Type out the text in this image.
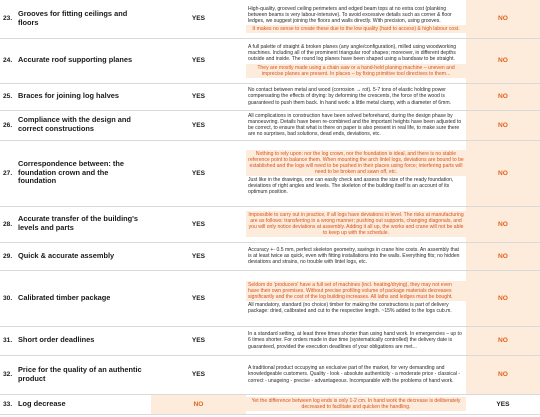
23.	Grooves for fitting ceilings and floors	YES	High-quality, grooved ceiling perimeters and edged beam tops at no extra cost (planking between beams is very labour-intensive). To avoid excessive details such as corner & floor ledges, we suggest joining the floors and walls directly. With precision, using grooves.
It makes no sense to create these due to the low quality (hard to access) & high labour cost.	NO
24.	Accurate roof supporting planes	YES	A full palette of straight & broken planes (any angle/configuration), milled using woodworking machines. Including all of the prominent triangular roof shapes; moreover, in different depths outside and inside. The round log planes have been shaped using a bandsaw to be straight.
They are mostly made using a chain saw or a hand-held planing machine – uneven and imprecise planes are present. In places – by fixing primitive tool directives to them...	NO
25.	Braces for joining log halves	YES	No contact between metal and wood (corrosion → rot). 5-7 tons of elastic holding power compensating the effects of drying: by deforming the crescents, the force of the wood is guaranteed to push them back. In hand work: a little metal clamp, with a diameter of 6mm.	NO
26.	Compliance with the design and correct constructions	YES	All complications in construction have been solved beforehand, during the design phase by manoeuvring. Details have been re-combined and the important heights have been adjusted to be correct, to ensure that what is there on paper is also present in real life, to make sure there are no surprises, bad solutions, dead ends, deviations, etc.	NO
27.	Correspondence between: the foundation crown and the foundation	YES	Nothing to rely upon: nor the log crown, nor the foundation is ideal, and there is no stable reference point to balance them. When mounting the arch lintel logs, deviations are bound to be established and the logs will need to be pushed in their places using force; interfering parts will need to be broken and sawn off, etc.
Just like in the drawings, one can easily check and assess the size of the ready foundation, deviations of right angles and levels. The skeleton of the building itself is an account of its optimum position.	NO
28.	Accurate transfer of the building's levels and parts	YES	Impossible to carry out in practice, if all logs have deviations in level. The risks at manufacturing are as follows: transferring in a wrong manner; pushing out supports, changing diagonals, and you will only notice deviations at assembly. Adding it all up, the works and crane will not be able to keep up with the schedule.	NO
29.	Quick & accurate assembly	YES	Accuracy +- 0.5 mm, perfect skeleton geometry, savings in crane hire costs. An assembly that is at least twice as quick, even with fitting installations into the walls. Everything fits; no hidden deviations and strains, no trouble with lintel logs, etc.	NO
30.	Calibrated timber package	YES	Seldom do 'producers' have a full set of machines (incl. heating/drying), they may not even have their own premises. Without precise profiling volume of package materials decreases significantly and the cost of the log building increases. All laths and ledges must be bought.
All mandatory, standard (no choice) timber for making the constructions is part of delivery package: dried, calibrated and cut to the respective length. ~15% added to the logs cub.m.	NO
31.	Short order deadlines	YES	In a standard setting, at least three times shorter than using hand work. In emergencies – up to 6 times shorter. For orders made in due time (systematically controlled) the delivery date is guaranteed, provided the execution deadlines of your obligations are met...	NO
32.	Price for the quality of an authentic product	YES	A traditional product occupying an exclusive part of the market, for very demanding and knowledgeable customers. Quality - look - absolute authenticity - a moderate price - classical - correct - unageing - precise - advantageous. Incomparable with the problems of hand work.	NO
33.	Log decrease	NO	Yet the difference between log ends is only 1-2 cm. In hand work the decrease is deliberately decreased to facilitate and quicken the handling.	YES
